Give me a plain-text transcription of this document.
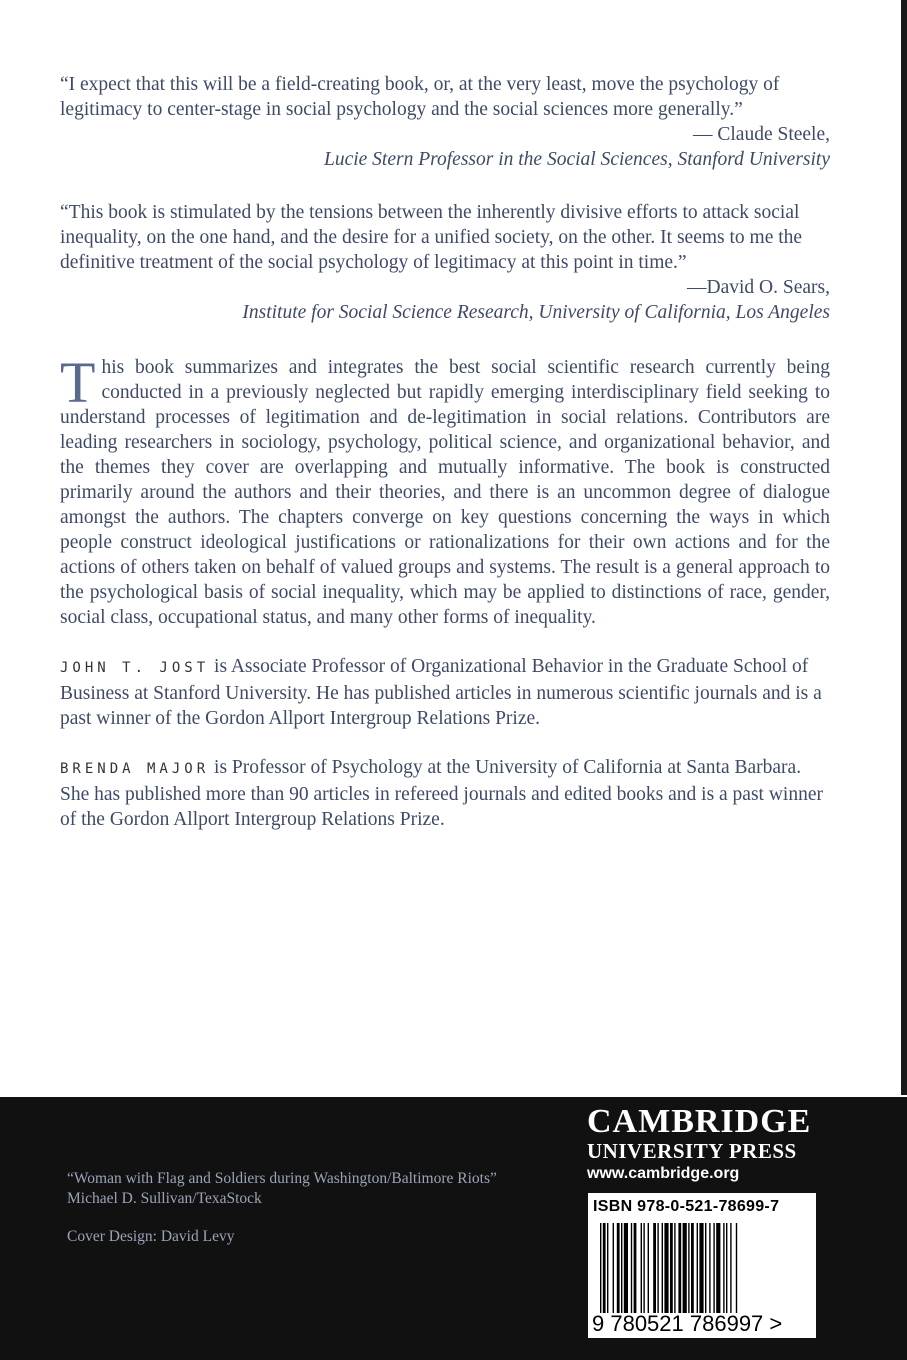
“I expect that this will be a field-creating book, or, at the very least, move the psychology of legitimacy to center-stage in social psychology and the social sciences more generally.”

— Claude Steele,
Lucie Stern Professor in the Social Sciences, Stanford University

“This book is stimulated by the tensions between the inherently divisive efforts to attack social inequality, on the one hand, and the desire for a unified society, on the other. It seems to me the definitive treatment of the social psychology of legitimacy at this point in time.”

—David O. Sears,
Institute for Social Science Research, University of California, Los Angeles

This book summarizes and integrates the best social scientific research currently being conducted in a previously neglected but rapidly emerging interdisciplinary field seeking to understand processes of legitimation and de-legitimation in social relations. Contributors are leading researchers in sociology, psychology, political science, and organizational behavior, and the themes they cover are overlapping and mutually informative. The book is constructed primarily around the authors and their theories, and there is an uncommon degree of dialogue amongst the authors. The chapters converge on key questions concerning the ways in which people construct ideological justifications or rationalizations for their own actions and for the actions of others taken on behalf of valued groups and systems. The result is a general approach to the psychological basis of social inequality, which may be applied to distinctions of race, gender, social class, occupational status, and many other forms of inequality.

JOHN T. JOST is Associate Professor of Organizational Behavior in the Graduate School of Business at Stanford University. He has published articles in numerous scientific journals and is a past winner of the Gordon Allport Intergroup Relations Prize.

BRENDA MAJOR is Professor of Psychology at the University of California at Santa Barbara. She has published more than 90 articles in refereed journals and edited books and is a past winner of the Gordon Allport Intergroup Relations Prize.

“Woman with Flag and Soldiers during Washington/Baltimore Riots”
Michael D. Sullivan/TexaStock
Cover Design: David Levy
CAMBRIDGE
UNIVERSITY PRESS
www.cambridge.org
ISBN 978-0-521-78699-7
9 780521 786997 >
